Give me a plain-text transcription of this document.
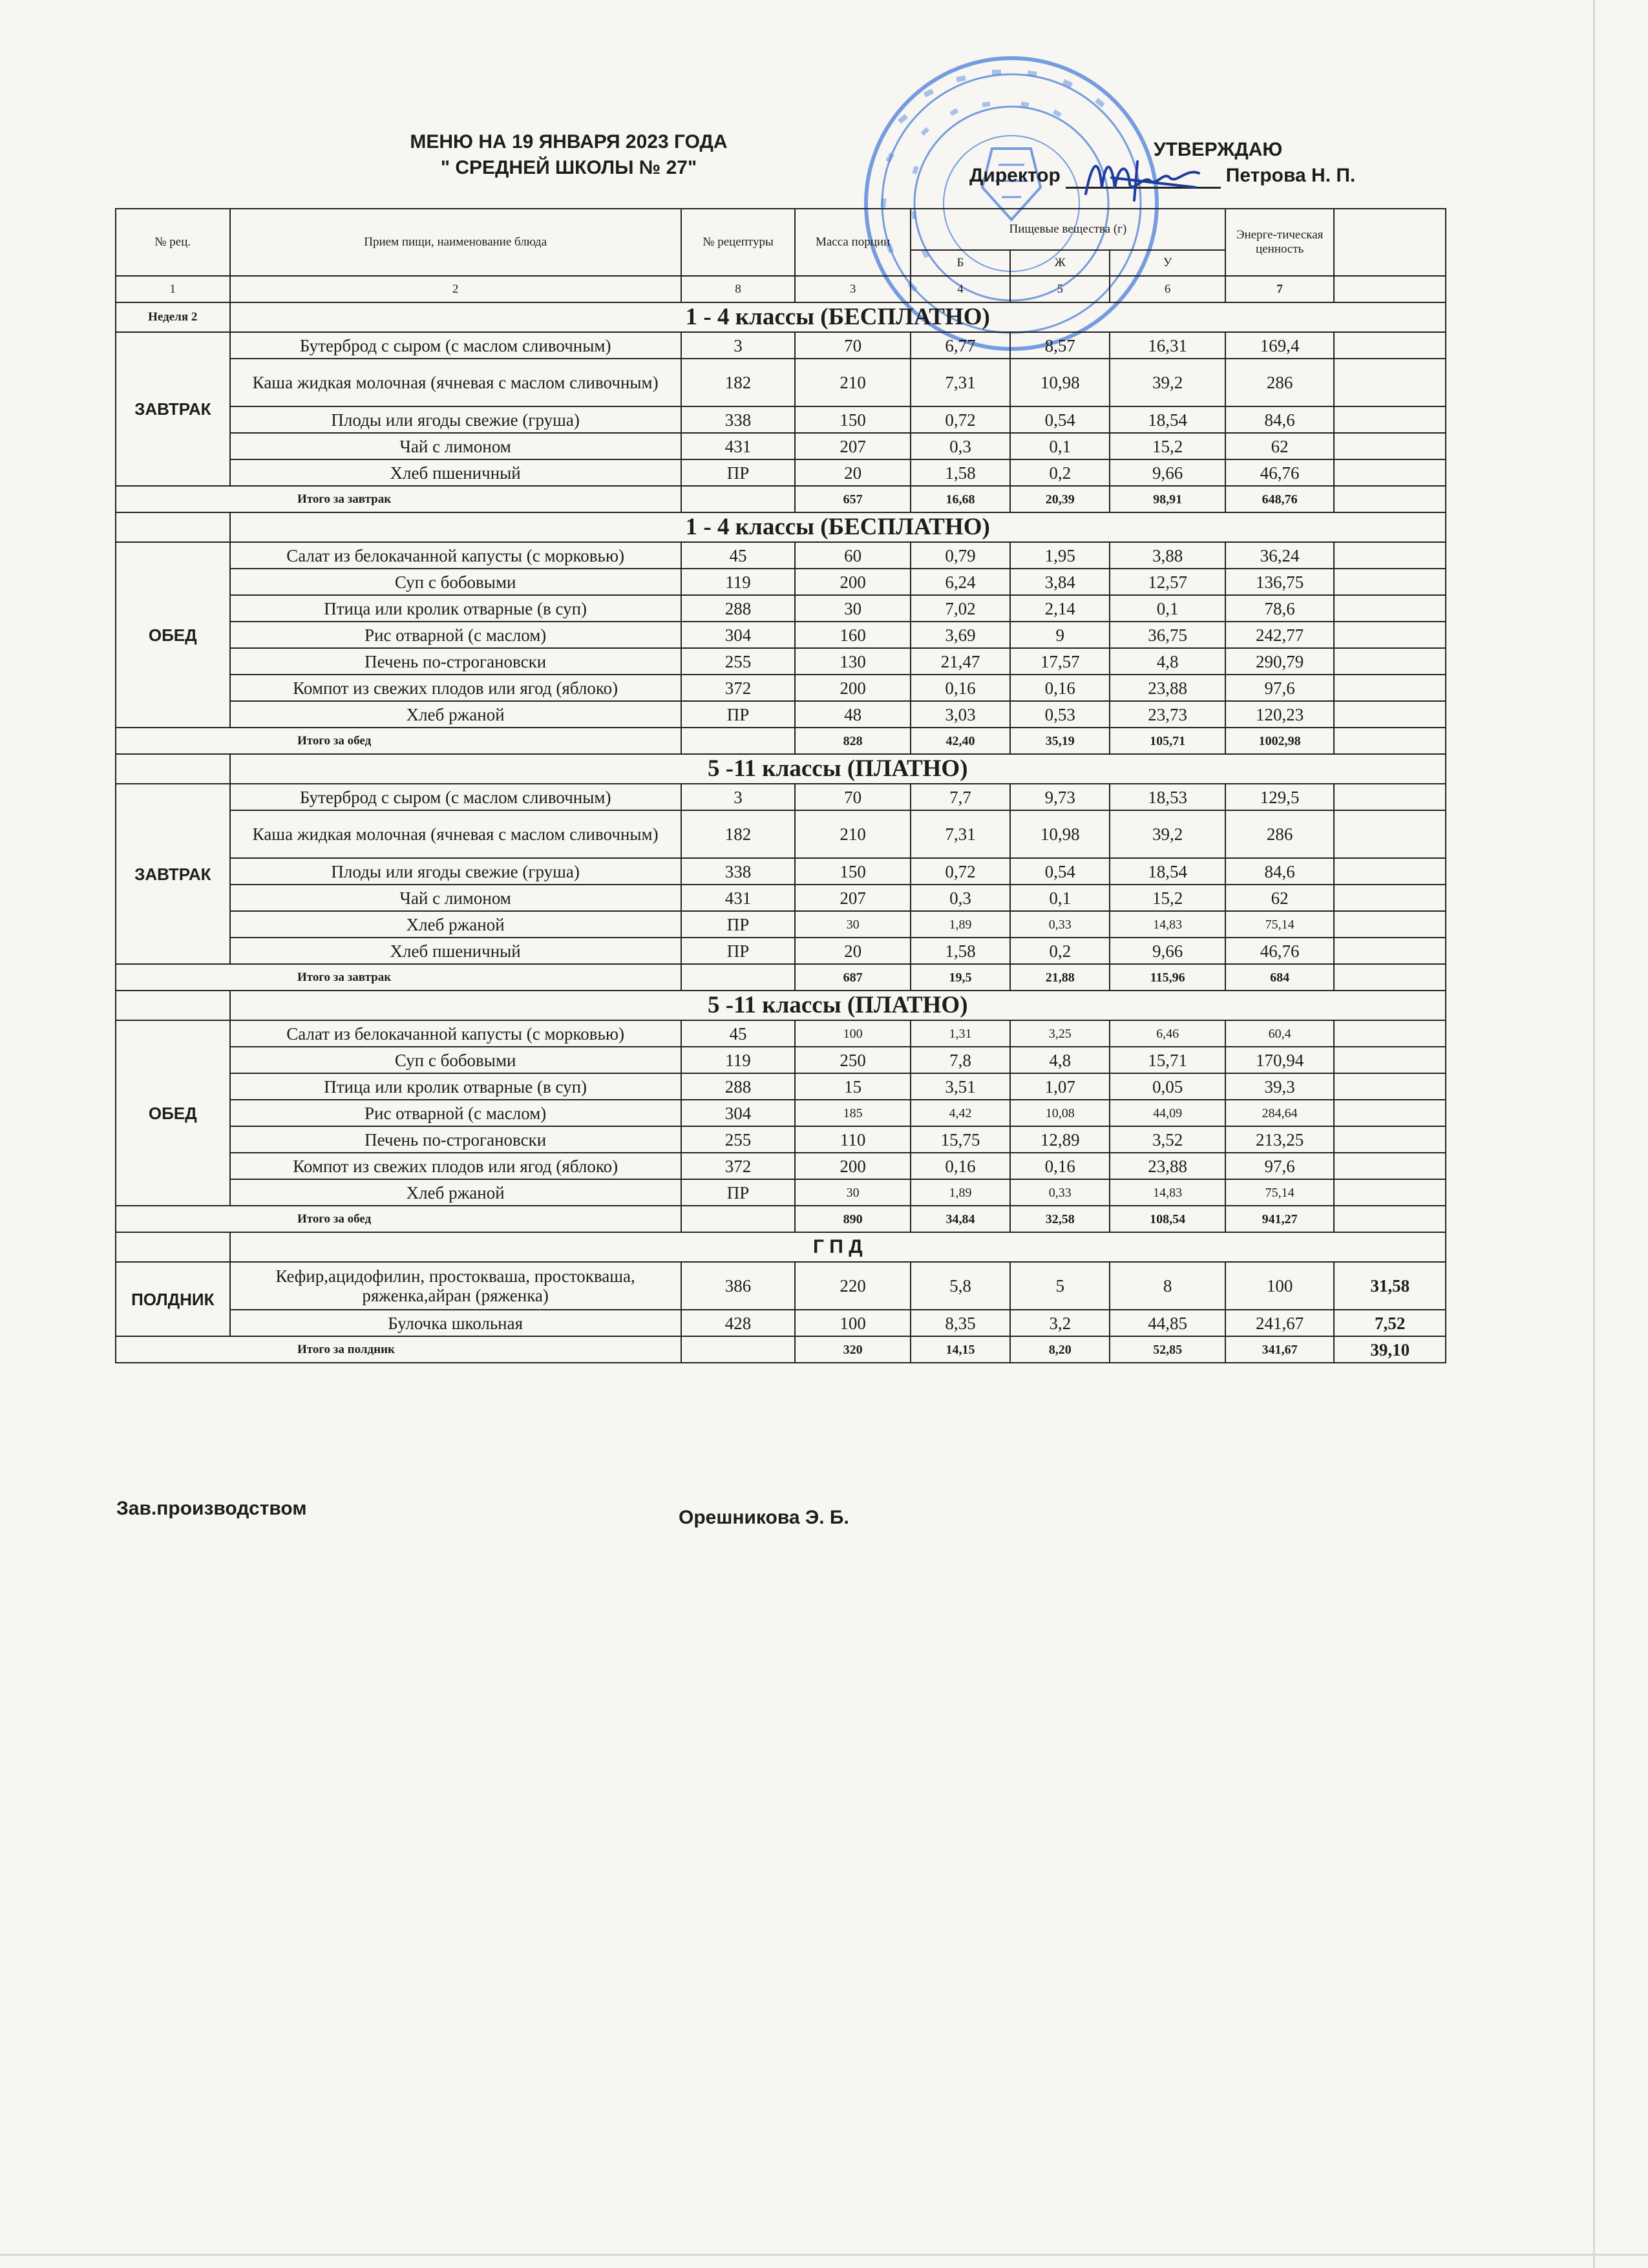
МЕНЮ НА 19 ЯНВАРЯ 2023 ГОДА
" СРЕДНЕЙ ШКОЛЫ № 27"
УТВЕРЖДАЮ
Директор	Петрова Н. П.
№ рец.	Прием пищи, наименование блюда	№ рецептуры	Масса порции	Пищевые вещества (г)			Энерге-тическая ценность	

				Б	Ж	У		
1	2	8	3	4	5	6	7	
Неделя 2	1 - 4 классы (БЕСПЛАТНО)							
ЗАВТРАК	Бутерброд с сыром (с маслом сливочным)	3	70	6,77	8,57	16,31	169,4	
	Каша жидкая молочная (ячневая с маслом сливочным)	182	210	7,31	10,98	39,2	286	
	Плоды или ягоды свежие (груша)	338	150	0,72	0,54	18,54	84,6	
	Чай с лимоном	431	207	0,3	0,1	15,2	62	
	Хлеб пшеничный	ПР	20	1,58	0,2	9,66	46,76	
Итого за завтрак			657	16,68	20,39	98,91	648,76	
	1 - 4 классы (БЕСПЛАТНО)							
ОБЕД	Салат из белокачанной капусты (с морковью)	45	60	0,79	1,95	3,88	36,24	
	Суп с бобовыми	119	200	6,24	3,84	12,57	136,75	
	Птица или кролик отварные (в суп)	288	30	7,02	2,14	0,1	78,6	
	Рис отварной (с маслом)	304	160	3,69	9	36,75	242,77	
	Печень по-строгановски	255	130	21,47	17,57	4,8	290,79	
	Компот из свежих плодов или ягод (яблоко)	372	200	0,16	0,16	23,88	97,6	
	Хлеб ржаной	ПР	48	3,03	0,53	23,73	120,23	
Итого за обед			828	42,40	35,19	105,71	1002,98	
	5 -11 классы (ПЛАТНО)							
ЗАВТРАК	Бутерброд с сыром (с маслом сливочным)	3	70	7,7	9,73	18,53	129,5	
	Каша жидкая молочная (ячневая с маслом сливочным)	182	210	7,31	10,98	39,2	286	
	Плоды или ягоды свежие (груша)	338	150	0,72	0,54	18,54	84,6	
	Чай с лимоном	431	207	0,3	0,1	15,2	62	
	Хлеб ржаной	ПР	30	1,89	0,33	14,83	75,14	
	Хлеб пшеничный	ПР	20	1,58	0,2	9,66	46,76	
Итого за завтрак			687	19,5	21,88	115,96	684	
	5 -11 классы (ПЛАТНО)							
ОБЕД	Салат из белокачанной капусты (с морковью)	45	100	1,31	3,25	6,46	60,4	
	Суп с бобовыми	119	250	7,8	4,8	15,71	170,94	
	Птица или кролик отварные (в суп)	288	15	3,51	1,07	0,05	39,3	
	Рис отварной (с маслом)	304	185	4,42	10,08	44,09	284,64	
	Печень по-строгановски	255	110	15,75	12,89	3,52	213,25	
	Компот из свежих плодов или ягод (яблоко)	372	200	0,16	0,16	23,88	97,6	
	Хлеб ржаной	ПР	30	1,89	0,33	14,83	75,14	
Итого за обед			890	34,84	32,58	108,54	941,27	
	Г П Д							
ПОЛДНИК	Кефир,ацидофилин, простокваша, простокваша, ряженка,айран (ряженка)	386	220	5,8	5	8	100	31,58
	Булочка школьная	428	100	8,35	3,2	44,85	241,67	7,52
Итого за полдник			320	14,15	8,20	52,85	341,67	39,10
Зав.производством	Орешникова Э. Б.
